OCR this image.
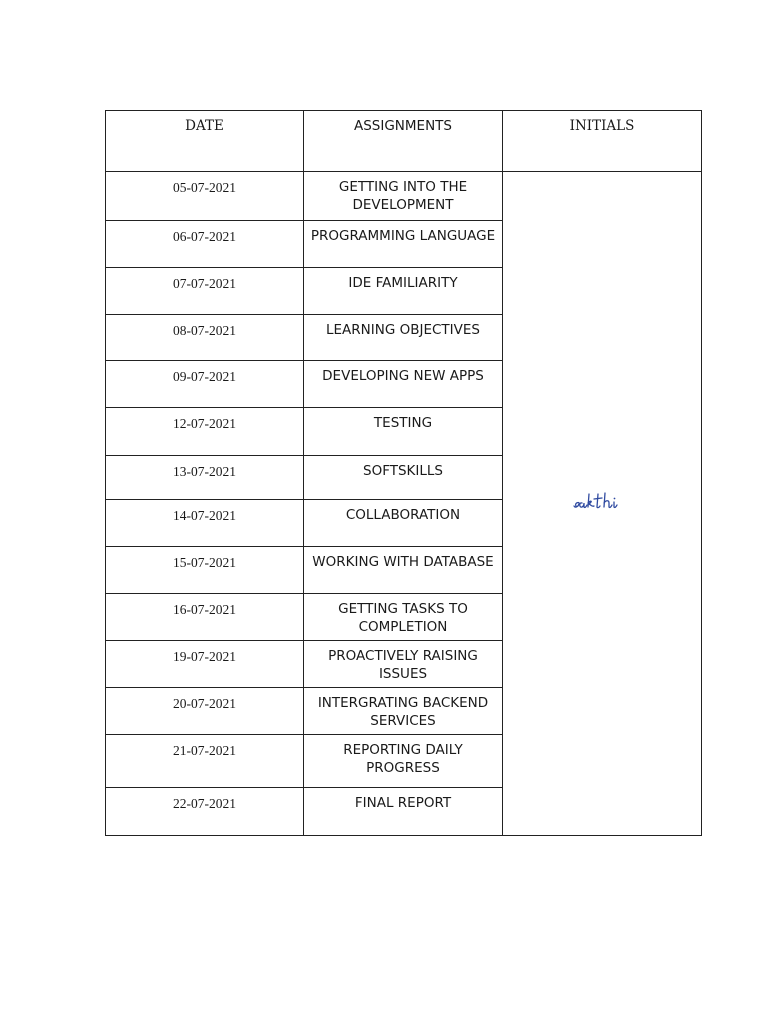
DATE	ASSIGNMENTS	INITIALS
05-07-2021	GETTING INTO THE DEVELOPMENT	

06-07-2021	PROGRAMMING LANGUAGE	
07-07-2021	IDE FAMILIARITY	
08-07-2021	LEARNING OBJECTIVES	
09-07-2021	DEVELOPING NEW APPS	
12-07-2021	TESTING	
13-07-2021	SOFTSKILLS	
14-07-2021	COLLABORATION	
15-07-2021	WORKING WITH DATABASE	
16-07-2021	GETTING TASKS TO COMPLETION	
19-07-2021	PROACTIVELY RAISING ISSUES	
20-07-2021	INTERGRATING BACKEND SERVICES	
21-07-2021	REPORTING DAILY PROGRESS	
22-07-2021	FINAL REPORT	
